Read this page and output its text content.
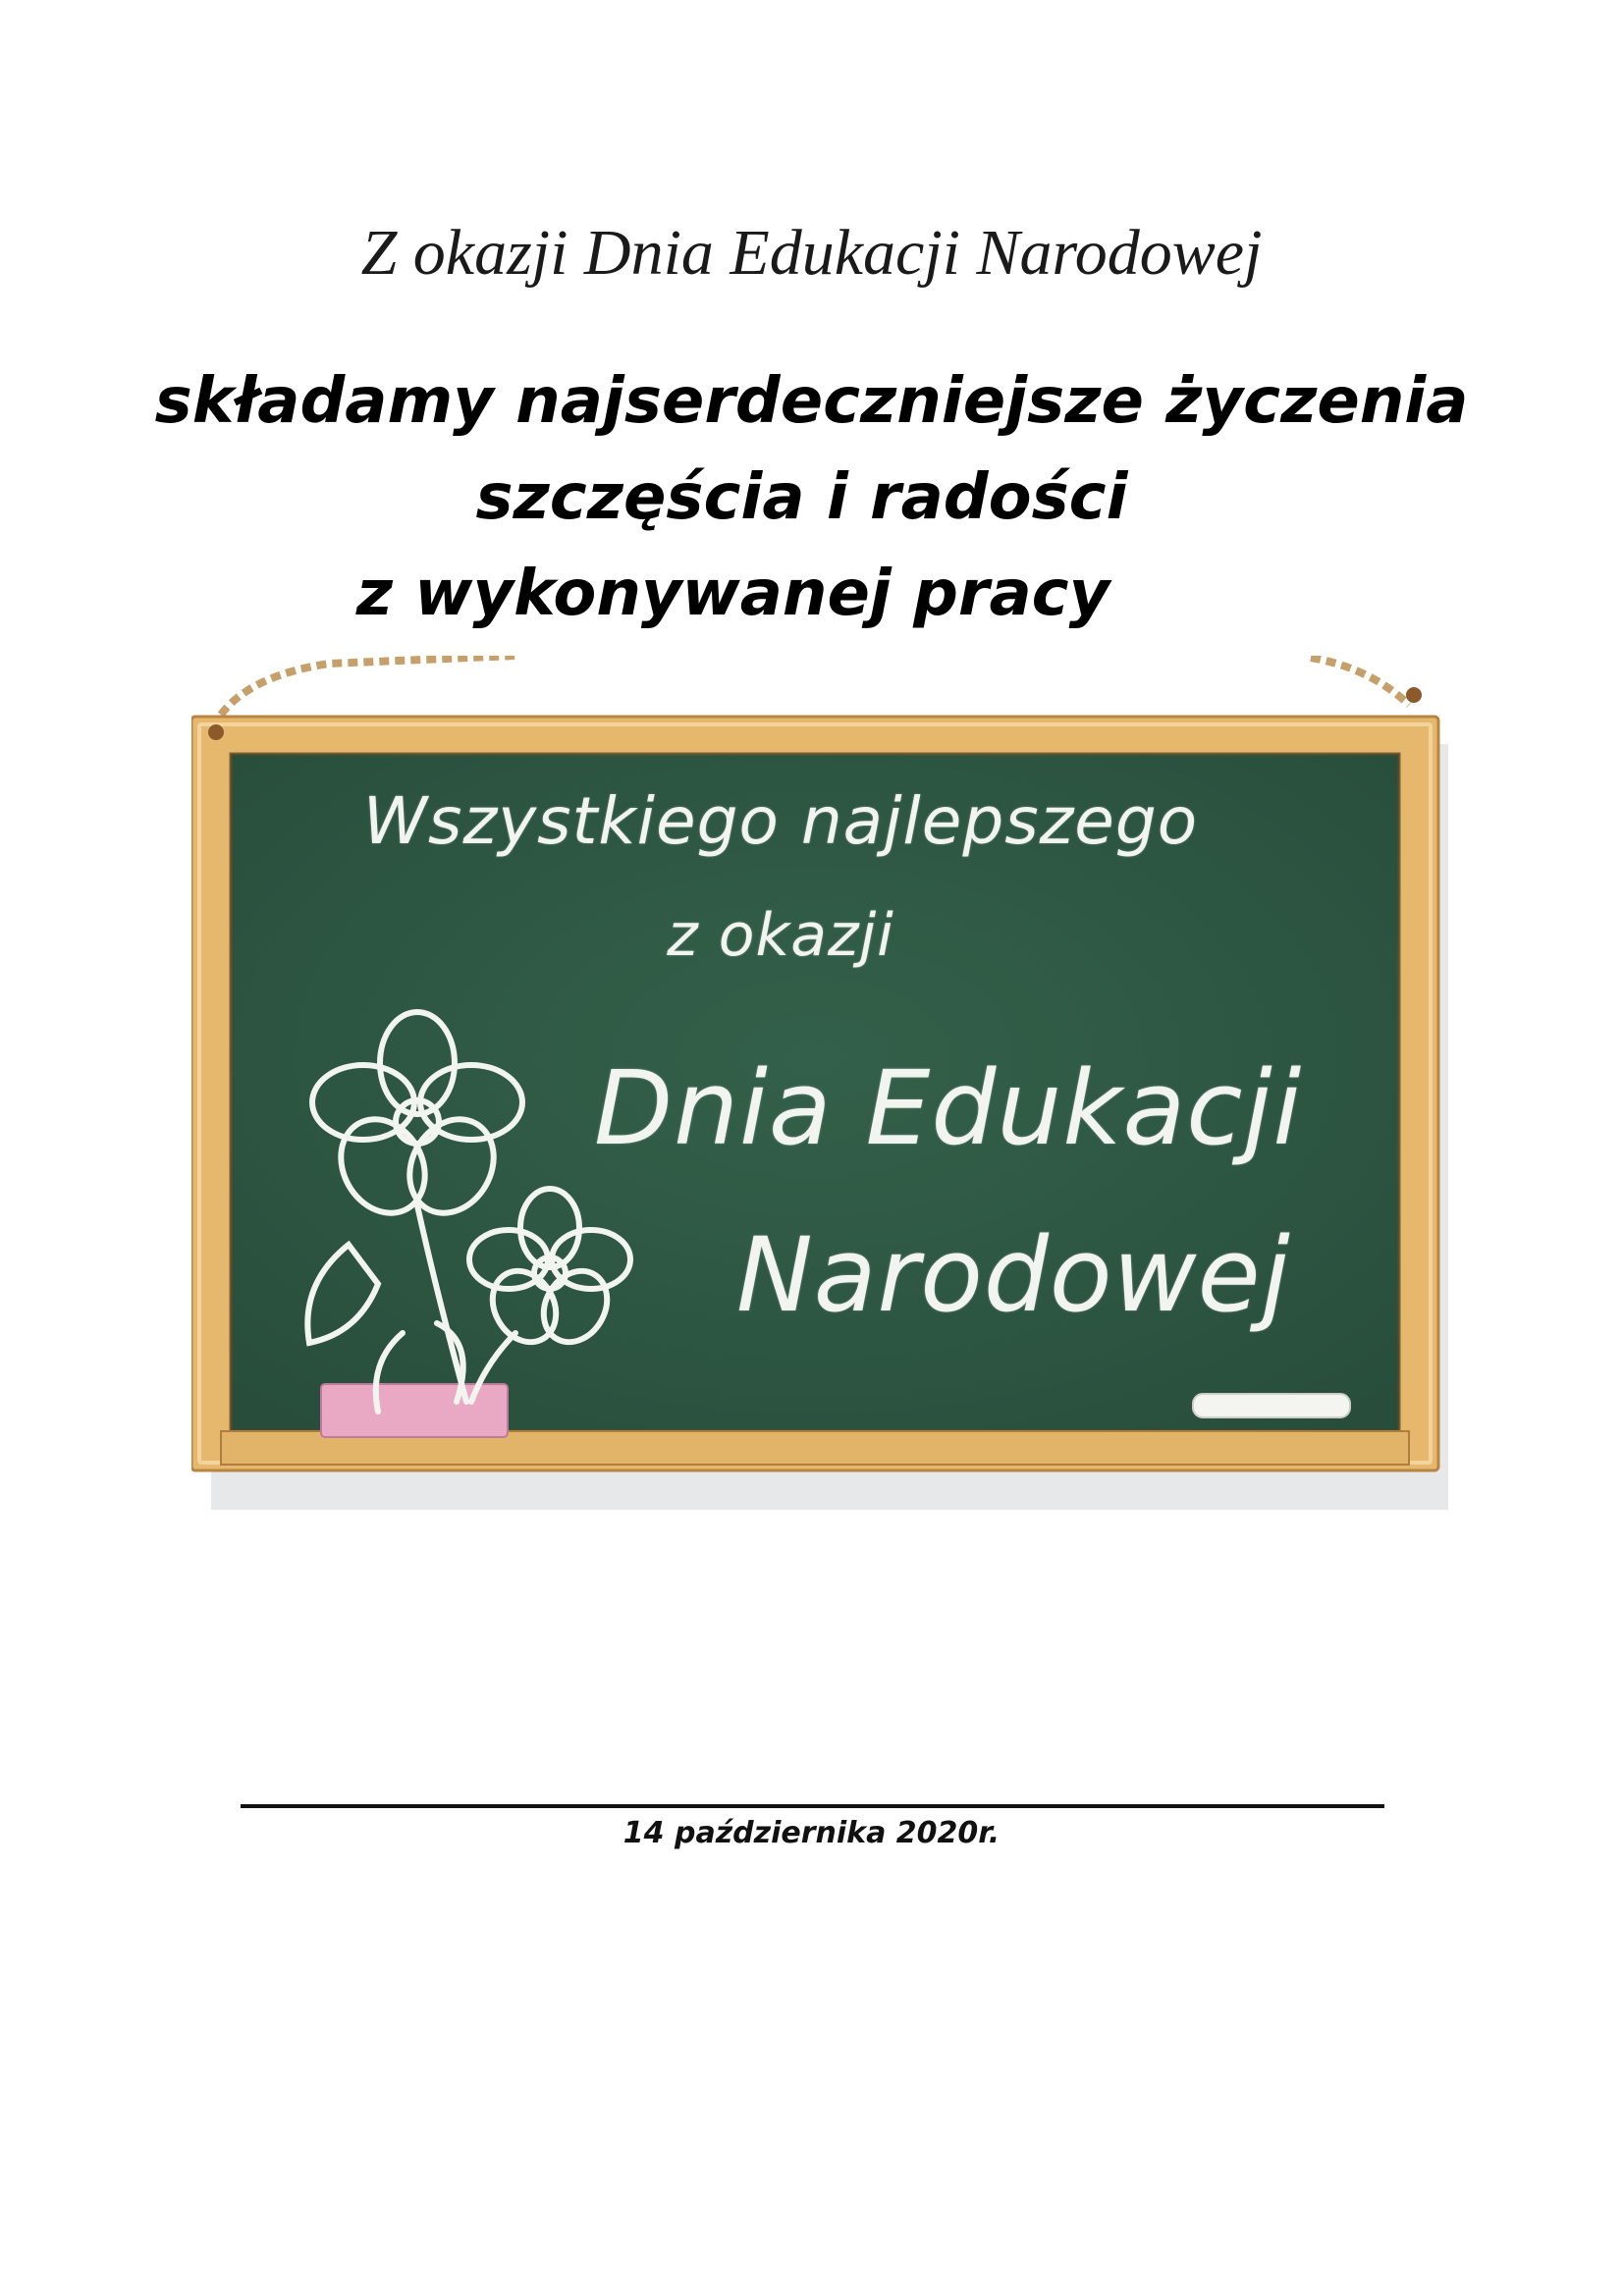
Z okazji Dnia Edukacji Narodowej
składamy najserdeczniejsze życzenia
szczęścia i radości
z wykonywanej pracy
Wszystkiego najlepszego
z okazji
Dnia Edukacji
Narodowej
14 października 2020r.
